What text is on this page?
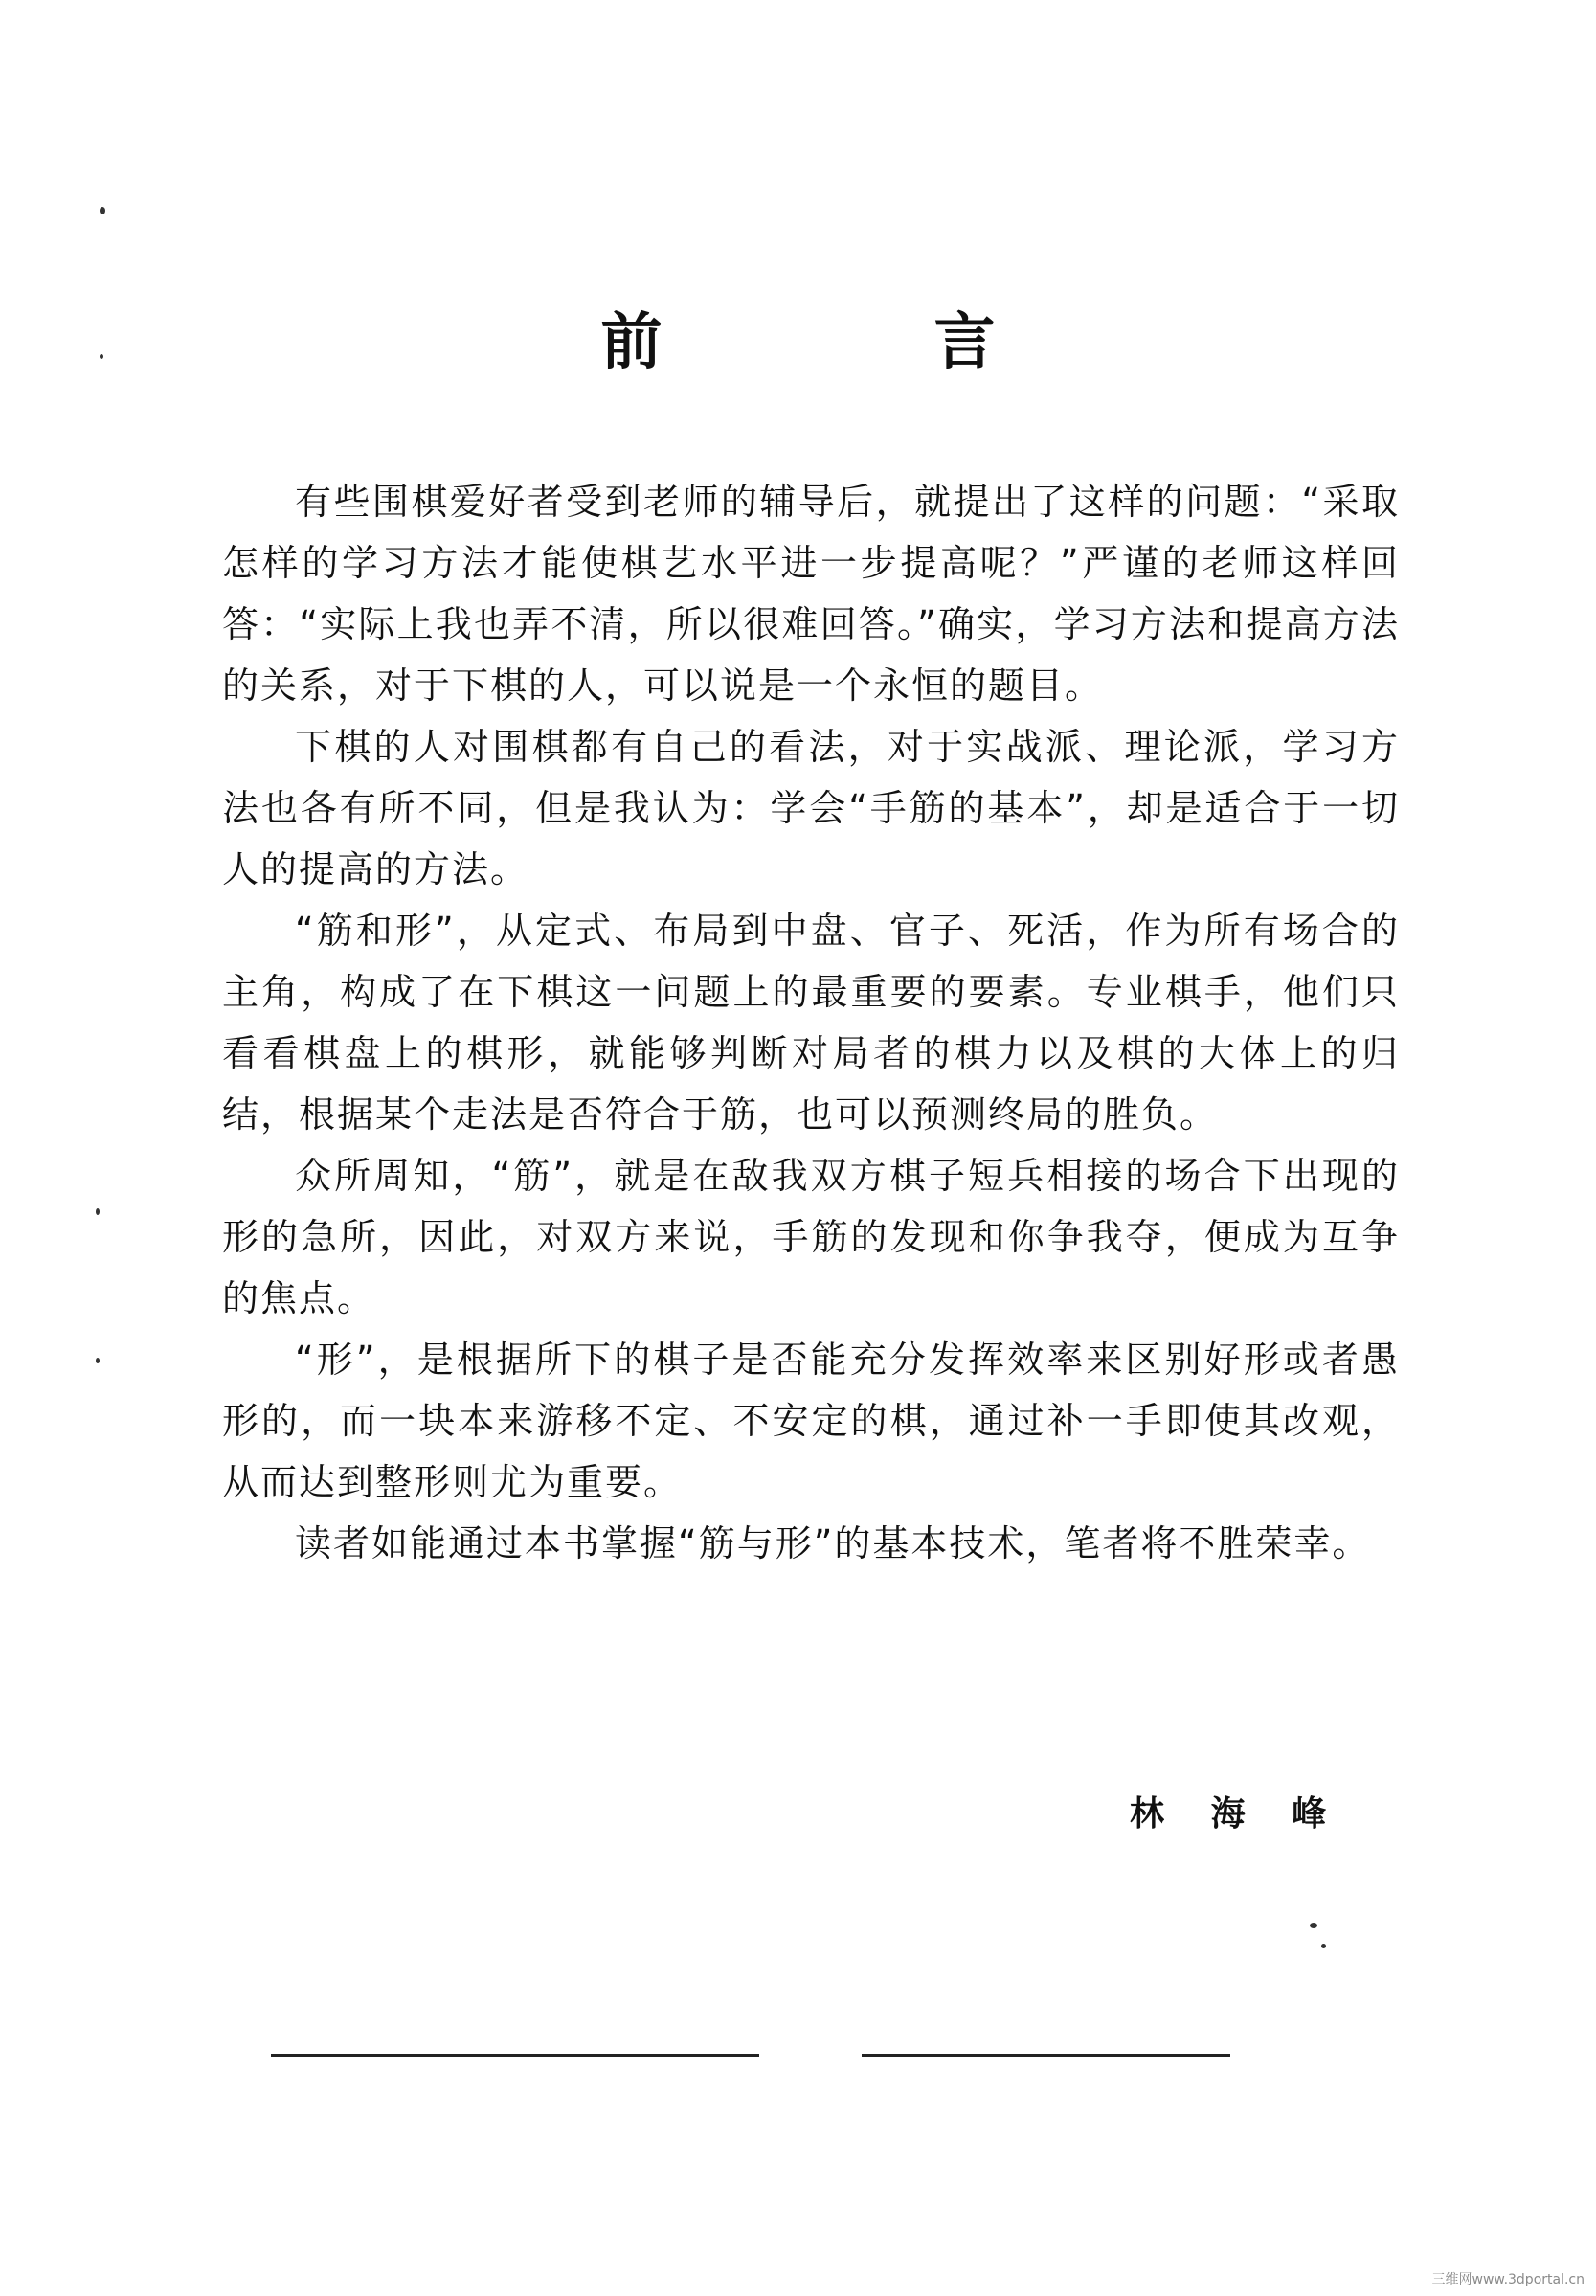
前　言

有些围棋爱好者受到老师的辅导后，就提出了这样的问题：“采取怎样的学习方法才能使棋艺水平进一步提高呢？”严谨的老师这样回答：“实际上我也弄不清，所以很难回答。”确实，学习方法和提高方法的关系，对于下棋的人，可以说是一个永恒的题目。

下棋的人对围棋都有自己的看法，对于实战派、理论派，学习方法也各有所不同，但是我认为：学会“手筋的基本”，却是适合于一切人的提高的方法。

“筋和形”，从定式、布局到中盘、官子、死活，作为所有场合的主角，构成了在下棋这一问题上的最重要的要素。专业棋手，他们只看看棋盘上的棋形，就能够判断对局者的棋力以及棋的大体上的归结，根据某个走法是否符合于筋，也可以预测终局的胜负。

众所周知，“筋”，就是在敌我双方棋子短兵相接的场合下出现的形的急所，因此，对双方来说，手筋的发现和你争我夺，便成为互争的焦点。

“形”，是根据所下的棋子是否能充分发挥效率来区别好形或者愚形的，而一块本来游移不定、不安定的棋，通过补一手即使其改观，从而达到整形则尤为重要。

读者如能通过本书掌握“筋与形”的基本技术，笔者将不胜荣幸。

林 海 峰
三维网www.3dportal.cn
